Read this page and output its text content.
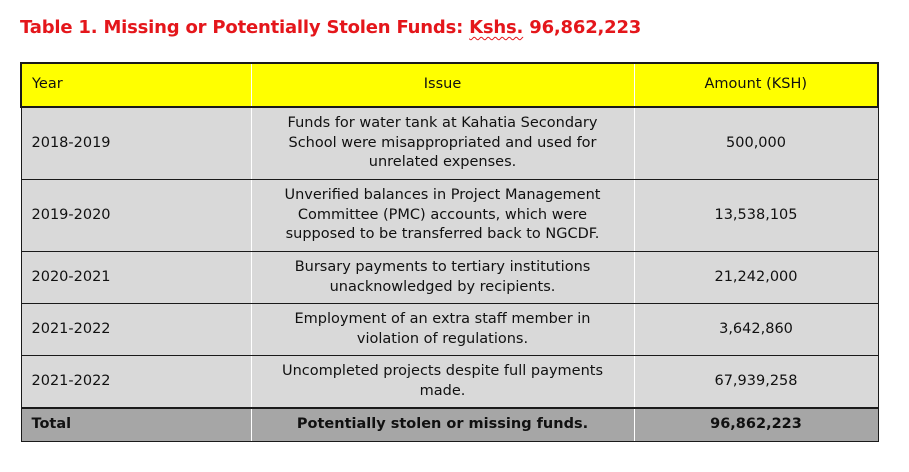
Table 1. Missing or Potentially Stolen Funds: Kshs. 96,862,223
Year	Issue	Amount (KSH)
2018-2019	Funds for water tank at Kahatia Secondary School were misappropriated and used for unrelated expenses.	500,000
2019-2020	Unverified balances in Project Management Committee (PMC) accounts, which were supposed to be transferred back to NGCDF.	13,538,105
2020-2021	Bursary payments to tertiary institutions unacknowledged by recipients.	21,242,000
2021-2022	Employment of an extra staff member in violation of regulations.	3,642,860
2021-2022	Uncompleted projects despite full payments made.	67,939,258
Total	Potentially stolen or missing funds.	96,862,223
